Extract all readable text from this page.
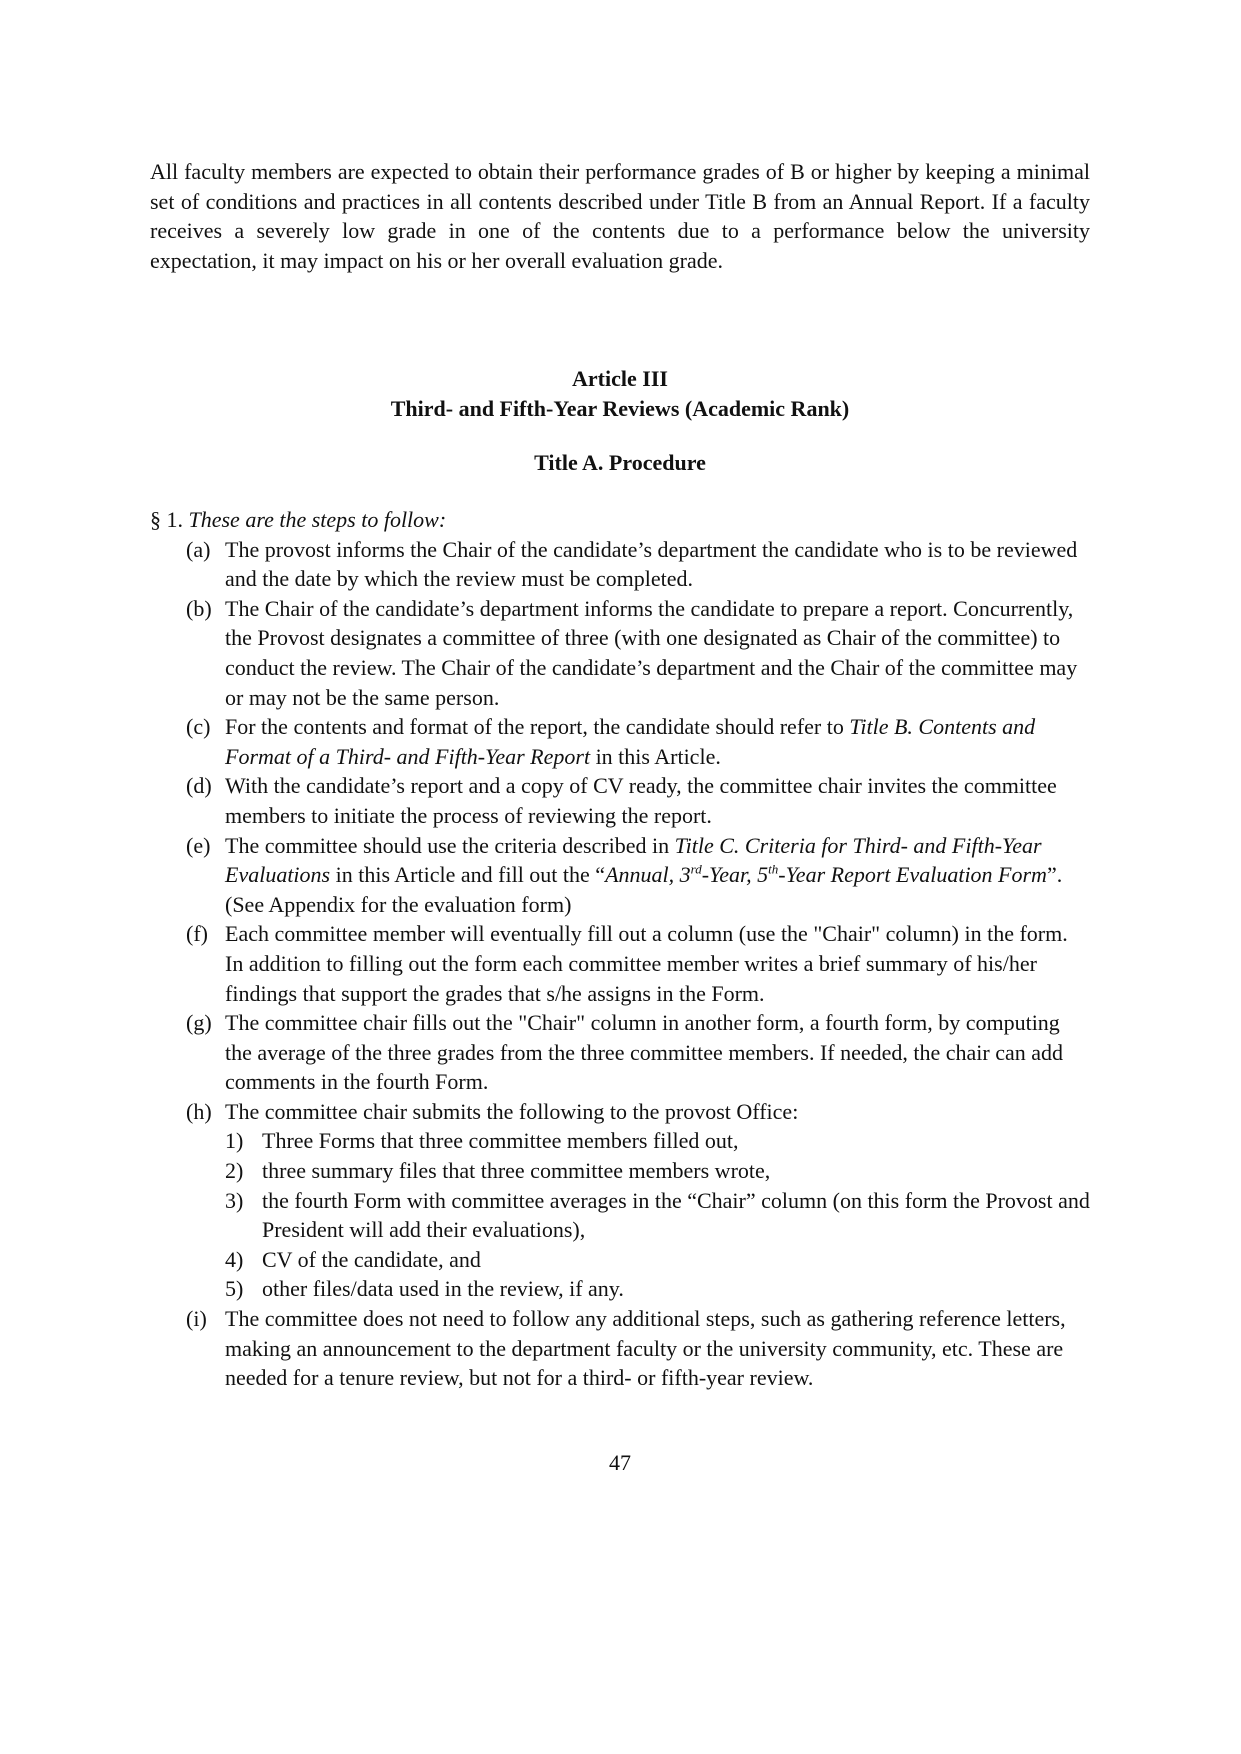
All faculty members are expected to obtain their performance grades of B or higher by keeping a minimal set of conditions and practices in all contents described under Title B from an Annual Report. If a faculty receives a severely low grade in one of the contents due to a performance below the university expectation, it may impact on his or her overall evaluation grade.

Article III

Third- and Fifth-Year Reviews (Academic Rank)

Title A. Procedure

§ 1. These are the steps to follow:

(a) The provost informs the Chair of the candidate’s department the candidate who is to be reviewed and the date by which the review must be completed.
(b) The Chair of the candidate’s department informs the candidate to prepare a report. Concurrently, the Provost designates a committee of three (with one designated as Chair of the committee) to conduct the review. The Chair of the candidate’s department and the Chair of the committee may or may not be the same person.
(c) For the contents and format of the report, the candidate should refer to Title B. Contents and Format of a Third- and Fifth-Year Report in this Article.
(d) With the candidate’s report and a copy of CV ready, the committee chair invites the committee members to initiate the process of reviewing the report.
(e) The committee should use the criteria described in Title C. Criteria for Third- and Fifth-Year Evaluations in this Article and fill out the “Annual, 3rd-Year, 5th-Year Report Evaluation Form”. (See Appendix for the evaluation form)
(f) Each committee member will eventually fill out a column (use the "Chair" column) in the form. In addition to filling out the form each committee member writes a brief summary of his/her findings that support the grades that s/he assigns in the Form.
(g) The committee chair fills out the "Chair" column in another form, a fourth form, by computing the average of the three grades from the three committee members. If needed, the chair can add comments in the fourth Form.
(h) The committee chair submits the following to the provost Office:
1) Three Forms that three committee members filled out,
2) three summary files that three committee members wrote,
3) the fourth Form with committee averages in the “Chair” column (on this form the Provost and President will add their evaluations),
4) CV of the candidate, and
5) other files/data used in the review, if any.
(i) The committee does not need to follow any additional steps, such as gathering reference letters, making an announcement to the department faculty or the university community, etc. These are needed for a tenure review, but not for a third- or fifth-year review.
47
